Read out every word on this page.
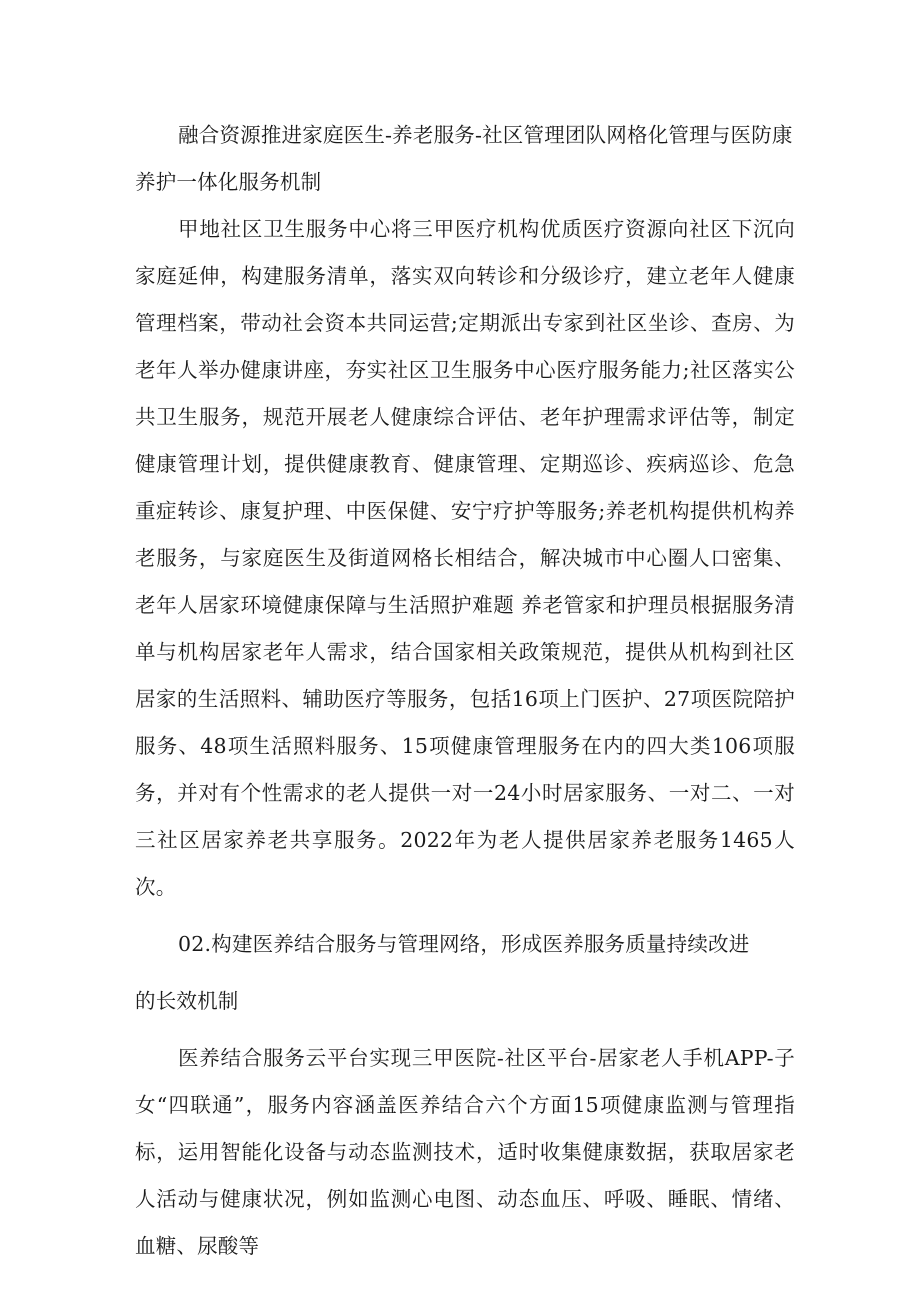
融合资源推进家庭医生-养老服务-社区管理团队网格化管理与医防康

养护一体化服务机制

甲地社区卫生服务中心将三甲医疗机构优质医疗资源向社区下沉向家庭延伸，构建服务清单，落实双向转诊和分级诊疗，建立老年人健康管理档案，带动社会资本共同运营;定期派出专家到社区坐诊、查房、为老年人举办健康讲座，夯实社区卫生服务中心医疗服务能力;社区落实公共卫生服务，规范开展老人健康综合评估、老年护理需求评估等，制定健康管理计划，提供健康教育、健康管理、定期巡诊、疾病巡诊、危急重症转诊、康复护理、中医保健、安宁疗护等服务;养老机构提供机构养老服务，与家庭医生及街道网格长相结合，解决城市中心圈人口密集、老年人居家环境健康保障与生活照护难题 养老管家和护理员根据服务清单与机构居家老年人需求，结合国家相关政策规范，提供从机构到社区居家的生活照料、辅助医疗等服务，包括16项上门医护、27项医院陪护服务、48项生活照料服务、15项健康管理服务在内的四大类106项服务，并对有个性需求的老人提供一对一24小时居家服务、一对二、一对三社区居家养老共享服务。2022年为老人提供居家养老服务1465人次。

02.构建医养结合服务与管理网络，形成医养服务质量持续改进

的长效机制

医养结合服务云平台实现三甲医院-社区平台-居家老人手机APP-子女“四联通”，服务内容涵盖医养结合六个方面15项健康监测与管理指标，运用智能化设备与动态监测技术，适时收集健康数据，获取居家老人活动与健康状况，例如监测心电图、动态血压、呼吸、睡眠、情绪、血糖、尿酸等
